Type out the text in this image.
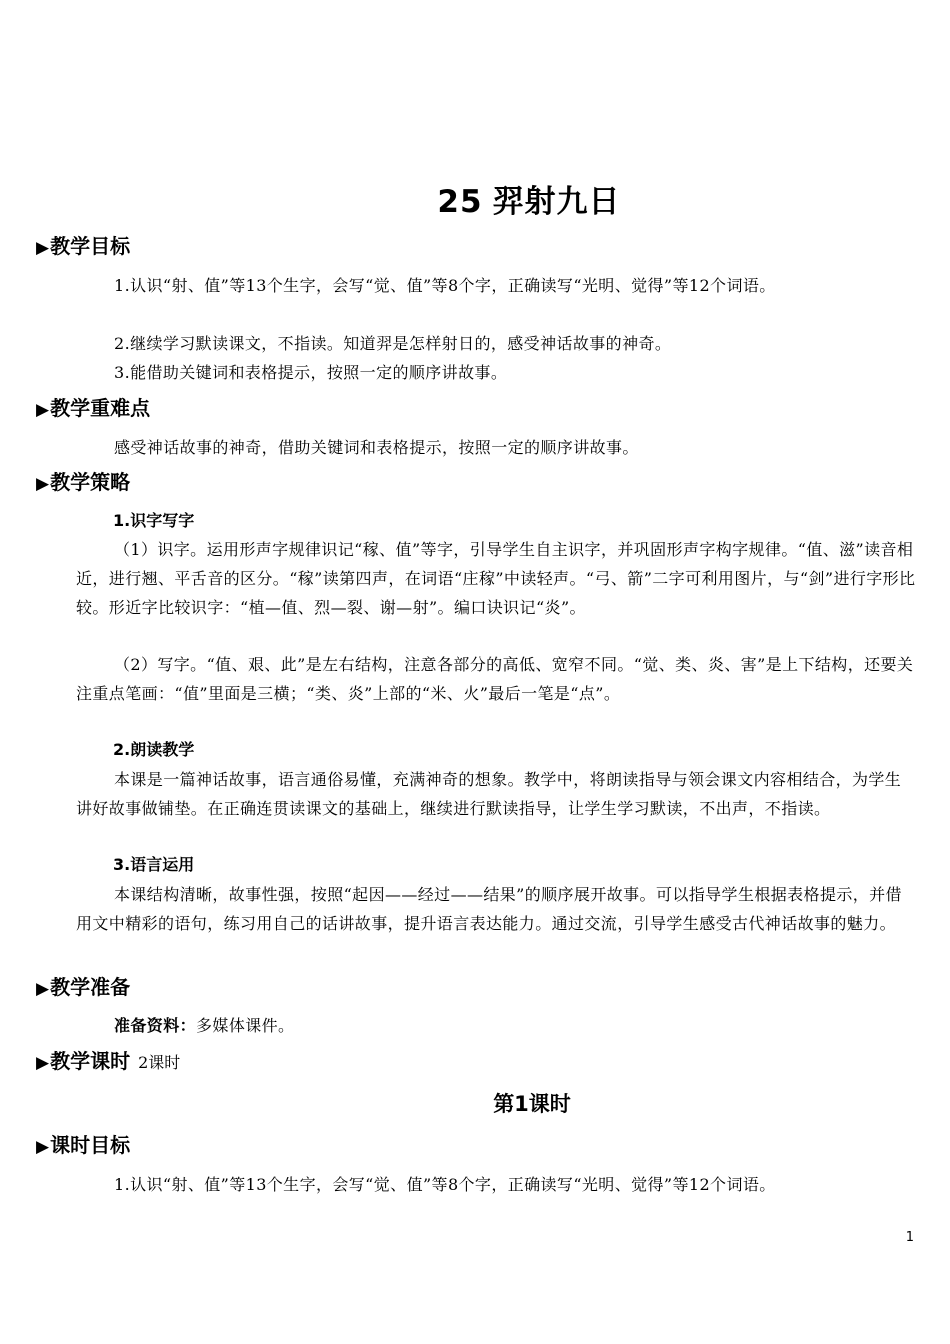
25 羿射九日
▶教学目标
1.认识“射、值”等13个生字，会写“觉、值”等8个字，正确读写“光明、觉得”等12个词语。
2.继续学习默读课文，不指读。知道羿是怎样射日的，感受神话故事的神奇。
3.能借助关键词和表格提示，按照一定的顺序讲故事。
▶教学重难点
感受神话故事的神奇，借助关键词和表格提示，按照一定的顺序讲故事。
▶教学策略
1.识字写字
（1）识字。运用形声字规律识记“稼、值”等字，引导学生自主识字，并巩固形声字构字规律。“值、滋”读音相近，进行翘、平舌音的区分。“稼”读第四声，在词语“庄稼”中读轻声。“弓、箭”二字可利用图片，与“剑”进行字形比较。形近字比较识字：“植—值、烈—裂、谢—射”。编口诀识记“炎”。
（2）写字。“值、艰、此”是左右结构，注意各部分的高低、宽窄不同。“觉、类、炎、害”是上下结构，还要关注重点笔画：“值”里面是三横；“类、炎”上部的“米、火”最后一笔是“点”。
2.朗读教学
本课是一篇神话故事，语言通俗易懂，充满神奇的想象。教学中，将朗读指导与领会课文内容相结合，为学生讲好故事做铺垫。在正确连贯读课文的基础上，继续进行默读指导，让学生学习默读，不出声，不指读。
3.语言运用
本课结构清晰，故事性强，按照“起因——经过——结果”的顺序展开故事。可以指导学生根据表格提示，并借用文中精彩的语句，练习用自己的话讲故事，提升语言表达能力。通过交流，引导学生感受古代神话故事的魅力。
▶教学准备
准备资料：多媒体课件。
▶教学课时 2课时
第1课时
▶课时目标
1.认识“射、值”等13个生字，会写“觉、值”等8个字，正确读写“光明、觉得”等12个词语。
1
